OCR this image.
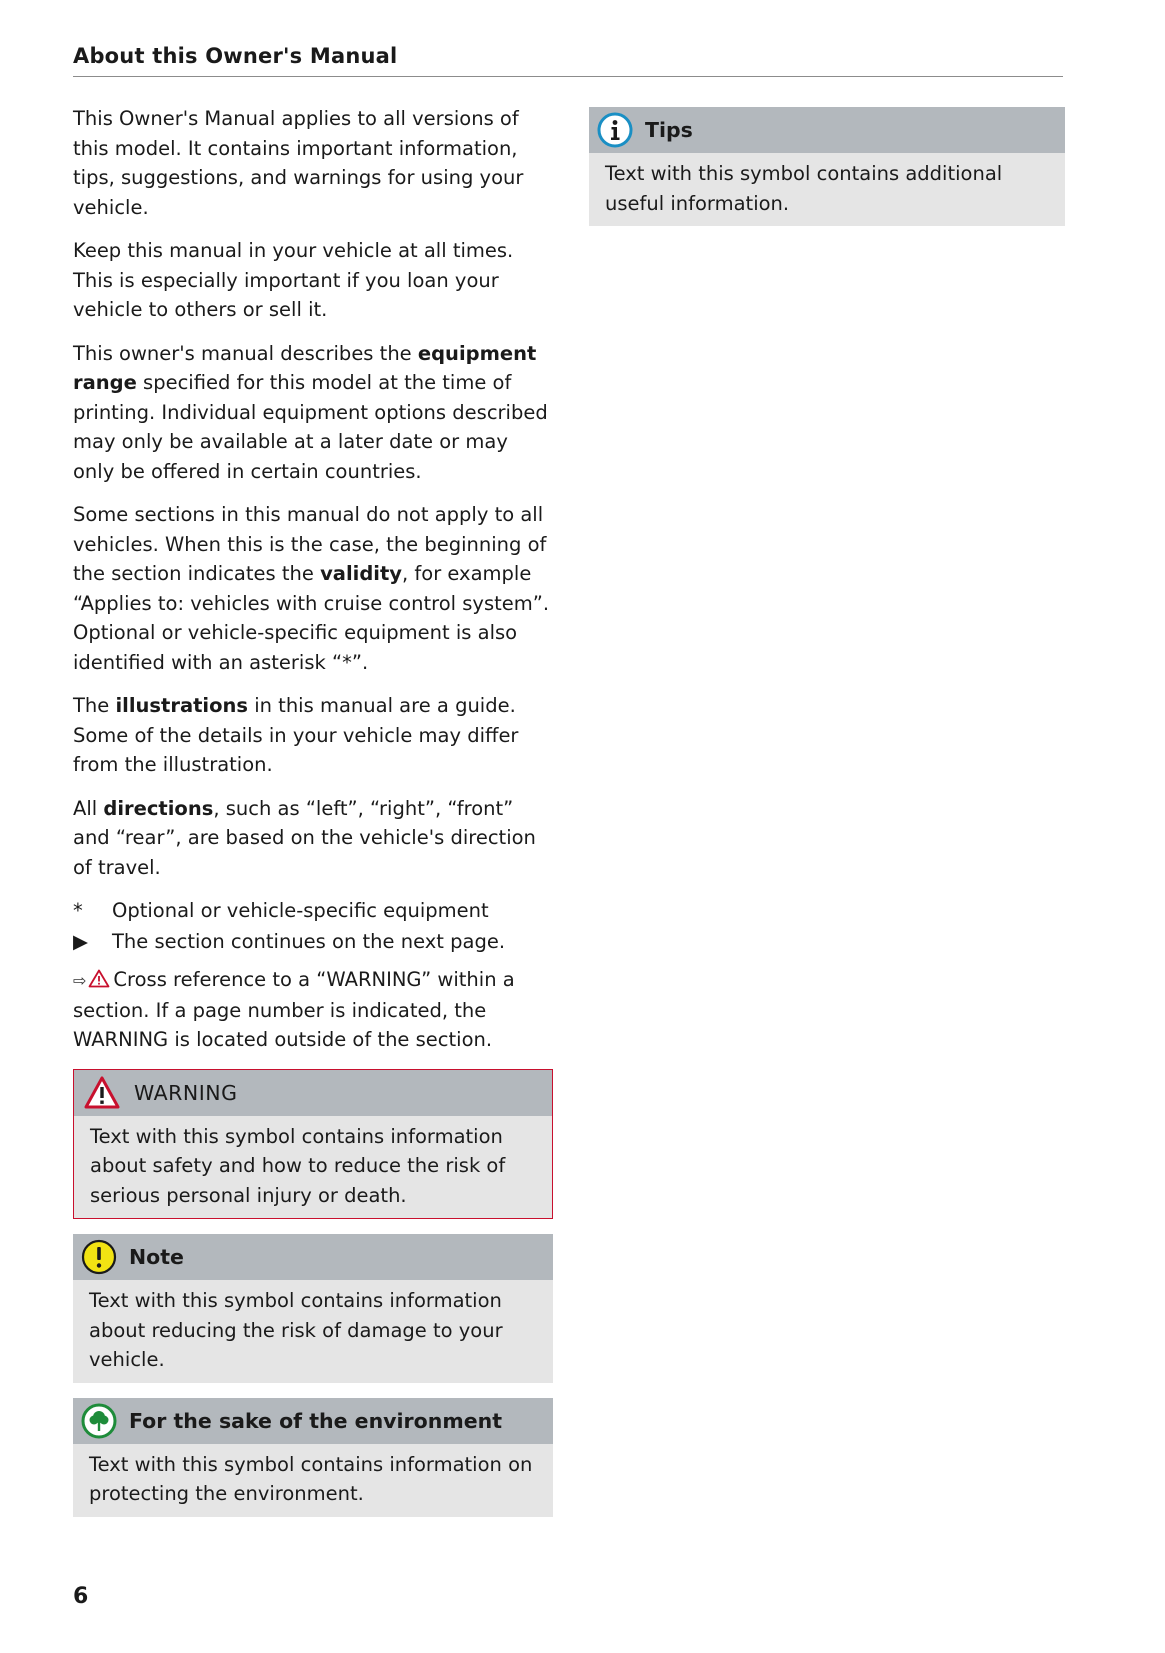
About this Owner's Manual

This Owner's Manual applies to all versions of this model. It contains important information, tips, suggestions, and warnings for using your vehicle.

Keep this manual in your vehicle at all times. This is especially important if you loan your vehicle to others or sell it.

This owner's manual describes the equipment range specified for this model at the time of printing. Individual equipment options described may only be available at a later date or may only be offered in certain countries.

Some sections in this manual do not apply to all vehicles. When this is the case, the beginning of the section indicates the validity, for example “Applies to: vehicles with cruise control system”. Optional or vehicle-specific equipment is also identified with an asterisk “*”.

The illustrations in this manual are a guide. Some of the details in your vehicle may differ from the illustration.

All directions, such as “left”, “right”, “front” and “rear”, are based on the vehicle's direction of travel.

*	Optional or vehicle-specific equipment
▶	The section continues on the next page.

⇨ Cross reference to a “WARNING” within a section. If a page number is indicated, the WARNING is located outside of the section.

WARNING
Text with this symbol contains information about safety and how to reduce the risk of serious personal injury or death.
Note
Text with this symbol contains information about reducing the risk of damage to your vehicle.
For the sake of the environment
Text with this symbol contains information on protecting the environment.
Tips
Text with this symbol contains additional useful information.
6
